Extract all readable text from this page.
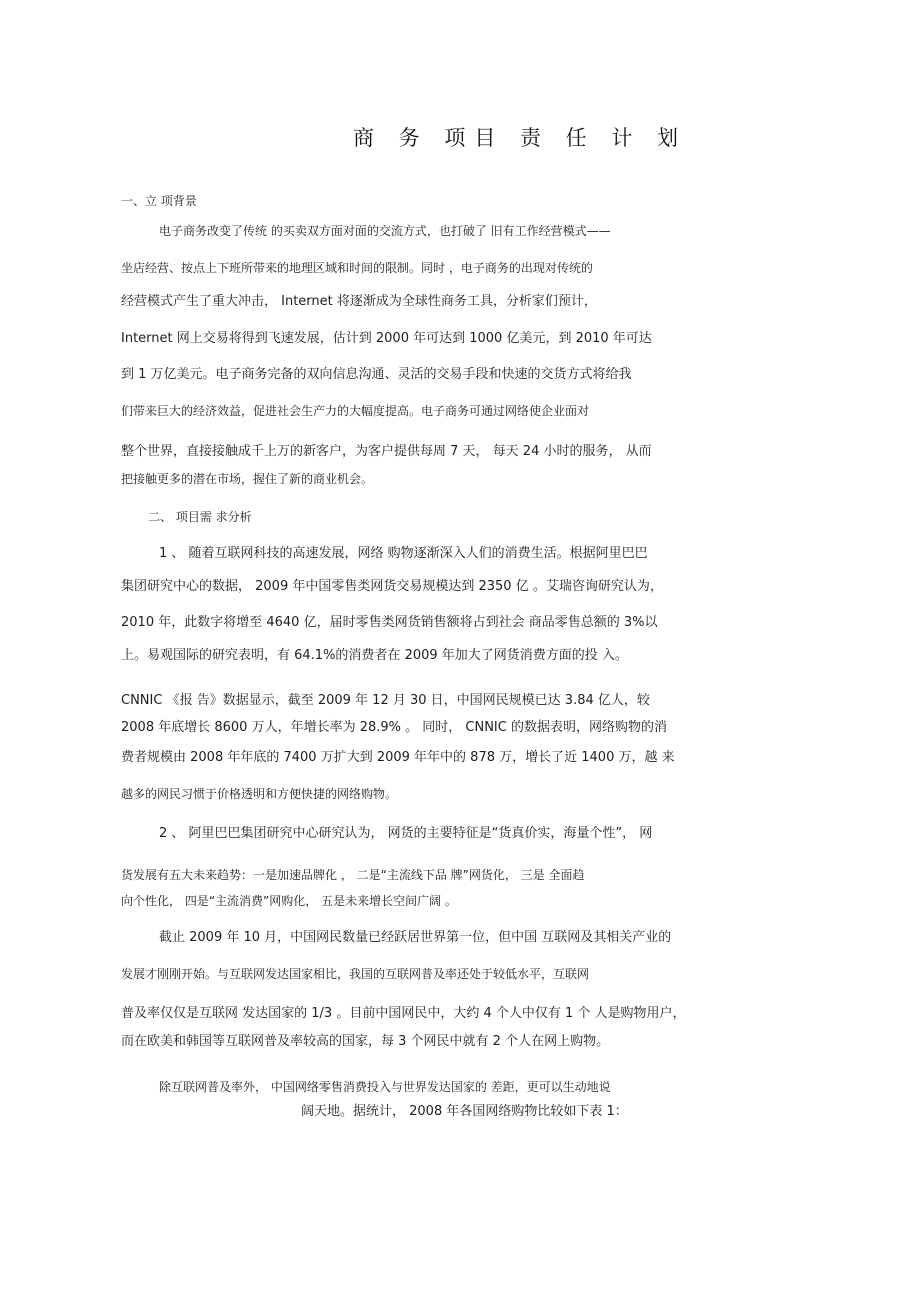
商 务 项目 责 任 计 划
一、立 项背景
电子商务改变了传统 的买卖双方面对面的交流方式，也打破了 旧有工作经营模式——
坐店经营、按点上下班所带来的地理区域和时间的限制。同时 ，电子商务的出现对传统的
经营模式产生了重大冲击， Internet 将逐渐成为全球性商务工具，分析家们预计，
Internet 网上交易将得到飞速发展，估计到 2000 年可达到 1000 亿美元，到 2010 年可达
到 1 万亿美元。电子商务完备的双向信息沟通、灵活的交易手段和快速的交货方式将给我
们带来巨大的经济效益，促进社会生产力的大幅度提高。电子商务可通过网络使企业面对
整个世界，直接接触成千上万的新客户，为客户提供每周 7 天， 每天 24 小时的服务， 从而
把接触更多的潜在市场，握住了新的商业机会。
二、 项目需 求分析
1 、 随着互联网科技的高速发展，网络 购物逐渐深入人们的消费生活。根据阿里巴巴
集团研究中心的数据， 2009 年中国零售类网货交易规模达到 2350 亿 。艾瑞咨询研究认为，
2010 年，此数字将增至 4640 亿，届时零售类网货销售额将占到社会 商品零售总额的 3%以
上。易观国际的研究表明，有 64.1%的消费者在 2009 年加大了网货消费方面的投 入。
CNNIC 《报 告》数据显示，截至 2009 年 12 月 30 日，中国网民规模已达 3.84 亿人，较
2008 年底增长 8600 万人，年增长率为 28.9% 。 同时， CNNIC 的数据表明，网络购物的消
费者规模由 2008 年年底的 7400 万扩大到 2009 年年中的 878 万，增长了近 1400 万，越 来
越多的网民习惯于价格透明和方便快捷的网络购物。
2 、 阿里巴巴集团研究中心研究认为， 网货的主要特征是“货真价实，海量个性”， 网
货发展有五大未来趋势：一是加速品牌化 ， 二是“主流线下品 牌”网货化， 三是 全面趋
向个性化， 四是“主流消费”网购化， 五是未来增长空间广阔 。
截止 2009 年 10 月，中国网民数量已经跃居世界第一位，但中国 互联网及其相关产业的
发展才刚刚开始。与互联网发达国家相比，我国的互联网普及率还处于较低水平，互联网
普及率仅仅是互联网 发达国家的 1/3 。目前中国网民中，大约 4 个人中仅有 1 个 人是购物用户，
而在欧美和韩国等互联网普及率较高的国家，每 3 个网民中就有 2 个人在网上购物。
除互联网普及率外， 中国网络零售消费投入与世界发达国家的 差距，更可以生动地说
阔天地。据统计， 2008 年各国网络购物比较如下表 1：
